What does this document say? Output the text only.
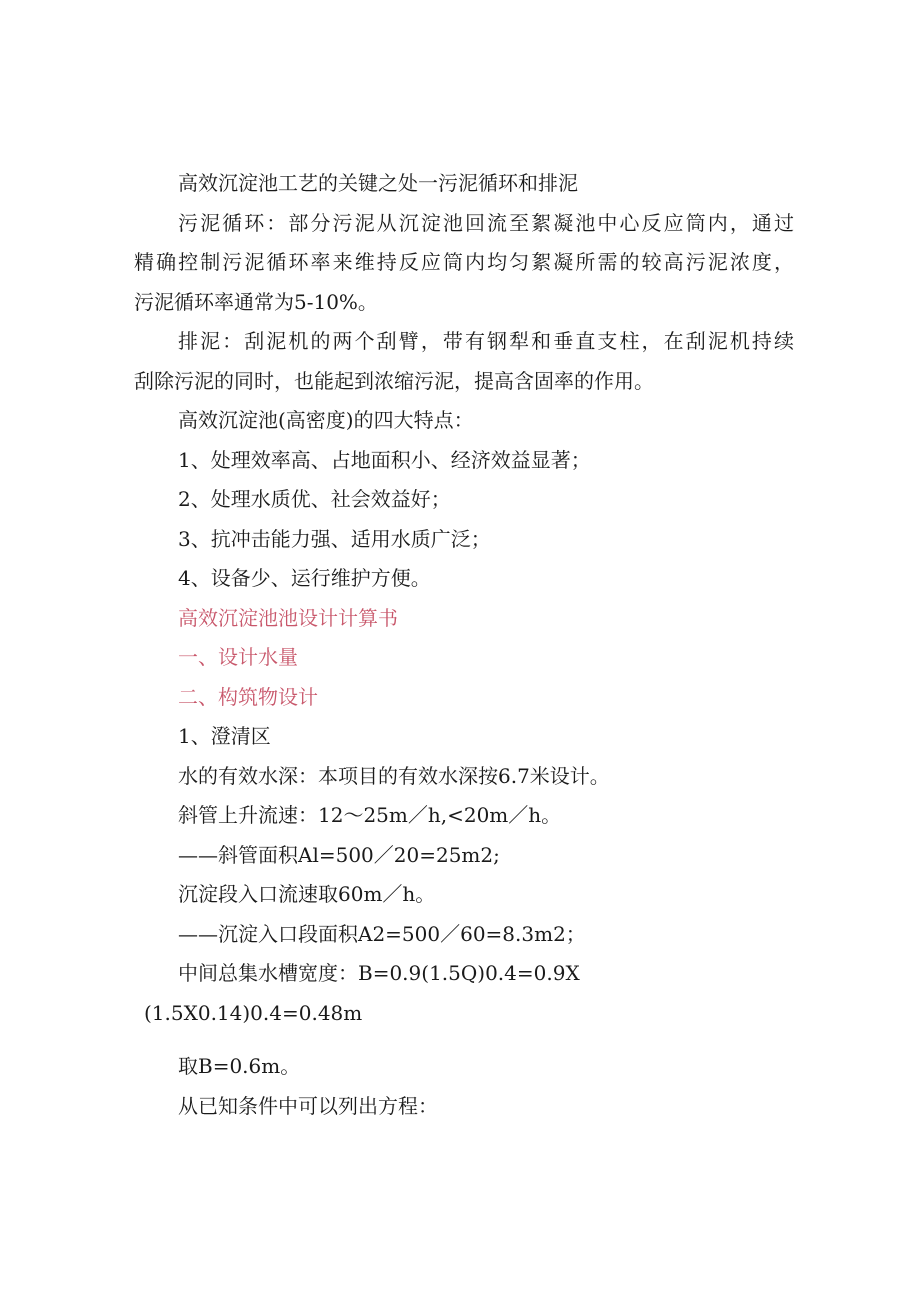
高效沉淀池工艺的关键之处一污泥循环和排泥

污泥循环：部分污泥从沉淀池回流至絮凝池中心反应筒内，通过

精确控制污泥循环率来维持反应筒内均匀絮凝所需的较高污泥浓度，

污泥循环率通常为5-10%。

排泥：刮泥机的两个刮臂，带有钢犁和垂直支柱，在刮泥机持续

刮除污泥的同时，也能起到浓缩污泥，提高含固率的作用。

高效沉淀池(高密度)的四大特点：

1、处理效率高、占地面积小、经济效益显著；

2、处理水质优、社会效益好；

3、抗冲击能力强、适用水质广泛；

4、设备少、运行维护方便。

高效沉淀池池设计计算书

一、设计水量

二、构筑物设计

1、澄清区

水的有效水深：本项目的有效水深按6.7米设计。

斜管上升流速：12～25m／h,<20m／h。

——斜管面积Al=500／20=25m2;

沉淀段入口流速取60m／h。

——沉淀入口段面积A2=500／60=8.3m2；

中间总集水槽宽度：B=0.9(1.5Q)0.4=0.9X

(1.5X0.14)0.4=0.48m

取B=0.6m。

从已知条件中可以列出方程：
